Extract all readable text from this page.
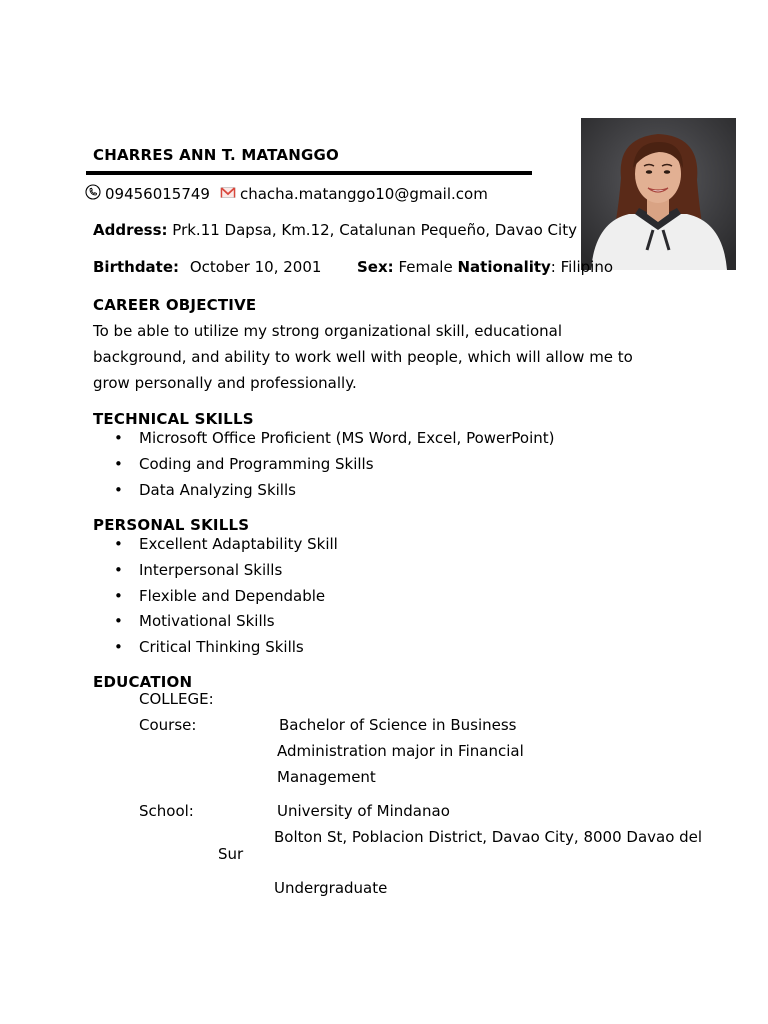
CHARRES ANN T. MATANGGO
09456015749 chacha.matanggo10@gmail.com
Address: Prk.11 Dapsa, Km.12, Catalunan Pequeño, Davao City
Birthdate: October 10, 2001 Sex: Female Nationality: Filipino
CAREER OBJECTIVE
To be able to utilize my strong organizational skill, educational
background, and ability to work well with people, which will allow me to
grow personally and professionally.
TECHNICAL SKILLS
• Microsoft Office Proficient (MS Word, Excel, PowerPoint)
• Coding and Programming Skills
• Data Analyzing Skills
PERSONAL SKILLS
• Excellent Adaptability Skill
• Interpersonal Skills
• Flexible and Dependable
• Motivational Skills
• Critical Thinking Skills
EDUCATION
COLLEGE:
Course:	Bachelor of Science in Business
Administration major in Financial
Management
School:	University of Mindanao
Bolton St, Poblacion District, Davao City, 8000 Davao del
Sur
Undergraduate
